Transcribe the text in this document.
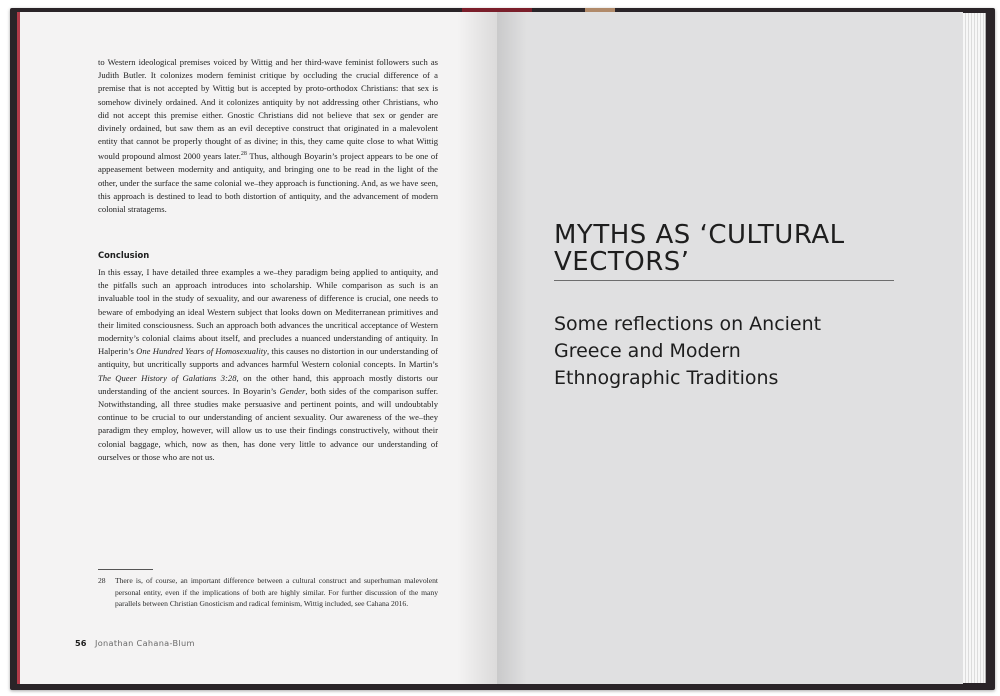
to Western ideological premises voiced by Wittig and her third-wave feminist followers such as Judith Butler. It colonizes modern feminist critique by occluding the crucial difference of a premise that is not accepted by Wittig but is accepted by proto-orthodox Christians: that sex is somehow divinely ordained. And it colonizes antiquity by not addressing other Christians, who did not accept this premise either. Gnostic Christians did not believe that sex or gender are divinely ordained, but saw them as an evil deceptive construct that originated in a malevolent entity that cannot be properly thought of as divine; in this, they came quite close to what Wittig would propound almost 2000 years later.$^{28}$ Thus, although Boyarin’s project appears to be one of appeasement between modernity and antiquity, and bringing one to be read in the light of the other, under the surface the same colonial we–they approach is functioning. And, as we have seen, this approach is destined to lead to both distortion of antiquity, and the advancement of modern colonial stratagems.

Conclusion

In this essay, I have detailed three examples a we–they paradigm being applied to antiquity, and the pitfalls such an approach introduces into scholarship. While comparison as such is an invaluable tool in the study of sexuality, and our awareness of difference is crucial, one needs to beware of embodying an ideal Western subject that looks down on Mediterranean primitives and their limited consciousness. Such an approach both advances the uncritical acceptance of Western modernity’s colonial claims about itself, and precludes a nuanced understanding of antiquity. In Halperin’s One Hundred Years of Homosexuality, this causes no distortion in our understanding of antiquity, but uncritically supports and advances harmful Western colonial concepts. In Martin’s The Queer History of Galatians 3:28, on the other hand, this approach mostly distorts our understanding of the ancient sources. In Boyarin’s Gender, both sides of the comparison suffer. Notwithstanding, all three studies make persuasive and pertinent points, and will undoubtably continue to be crucial to our understanding of ancient sexuality. Our awareness of the we–they paradigm they employ, however, will allow us to use their findings constructively, without their colonial baggage, which, now as then, has done very little to advance our understanding of ourselves or those who are not us.

28	There is, of course, an important difference between a cultural construct and superhuman malevolent personal entity, even if the implications of both are highly similar. For further discussion of the many parallels between Christian Gnosticism and radical feminism, Wittig included, see Cahana 2016.
56 Jonathan Cahana-Blum
MYTHS AS ‘CULTURAL
VECTORS’

Some reflections on Ancient
Greece and Modern
Ethnographic Traditions
